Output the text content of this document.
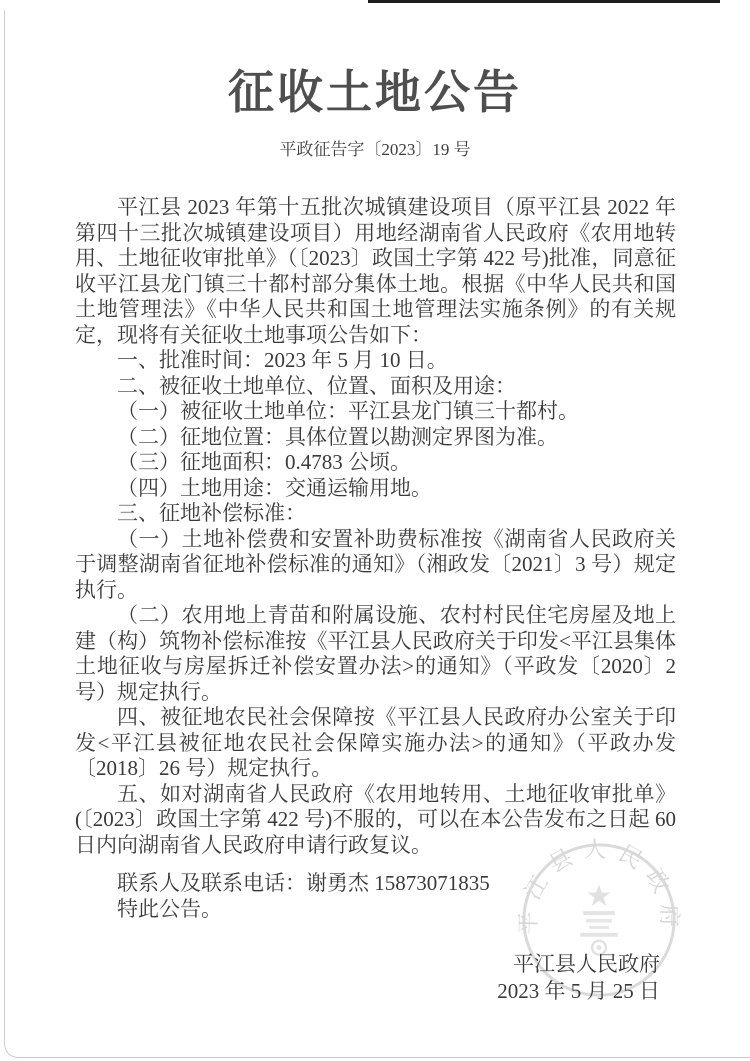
平江县人民政府
征收土地公告
平政征告字〔2023〕19 号

平江县 2023 年第十五批次城镇建设项目（原平江县 2022 年第四十三批次城镇建设项目）用地经湖南省人民政府《农用地转用、土地征收审批单》（〔2023〕政国土字第 422 号)批准，同意征收平江县龙门镇三十都村部分集体土地。根据《中华人民共和国土地管理法》《中华人民共和国土地管理法实施条例》的有关规定，现将有关征收土地事项公告如下：

一、批准时间：2023 年 5 月 10 日。

二、被征收土地单位、位置、面积及用途：

（一）被征收土地单位：平江县龙门镇三十都村。

（二）征地位置：具体位置以勘测定界图为准。

（三）征地面积：0.4783 公顷。

（四）土地用途：交通运输用地。

三、征地补偿标准：

（一）土地补偿费和安置补助费标准按《湖南省人民政府关于调整湖南省征地补偿标准的通知》（湘政发〔2021〕3 号）规定执行。

（二）农用地上青苗和附属设施、农村村民住宅房屋及地上建（构）筑物补偿标准按《平江县人民政府关于印发<平江县集体土地征收与房屋拆迁补偿安置办法>的通知》（平政发〔2020〕2 号）规定执行。

四、被征地农民社会保障按《平江县人民政府办公室关于印发<平江县被征地农民社会保障实施办法>的通知》（平政办发〔2018〕26 号）规定执行。

五、如对湖南省人民政府《农用地转用、土地征收审批单》(〔2023〕政国土字第 422 号)不服的，可以在本公告发布之日起 60 日内向湖南省人民政府申请行政复议。

联系人及联系电话：谢勇杰 15873071835

特此公告。

平江县人民政府
2023 年 5 月 25 日
